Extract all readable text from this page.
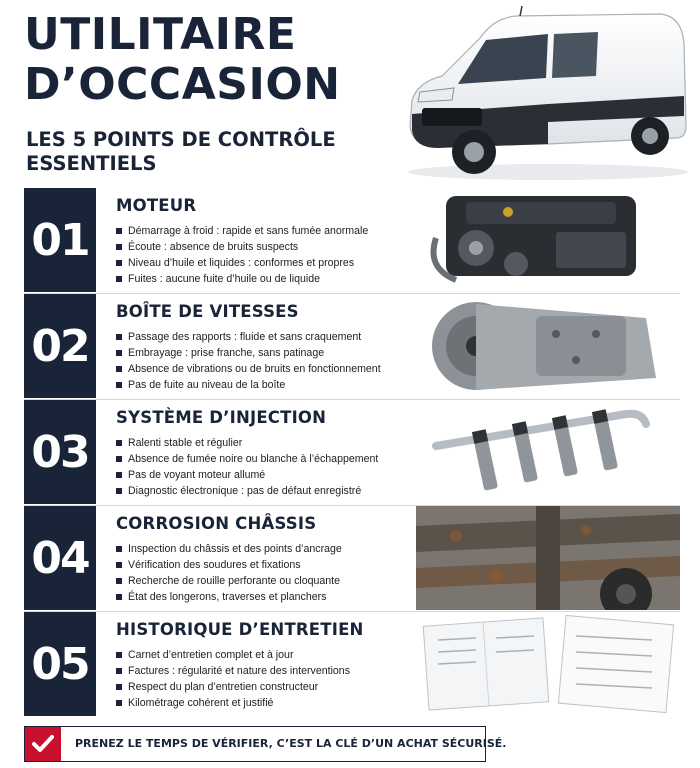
UTILITAIRE
D’OCCASION
LES 5 POINTS DE CONTRÔLE
ESSENTIELS
01
MOTEUR
Démarrage à froid : rapide et sans fumée anormale
Écoute : absence de bruits suspects
Niveau d’huile et liquides : conformes et propres
Fuites : aucune fuite d’huile ou de liquide
02
BOÎTE DE VITESSES
Passage des rapports : fluide et sans craquement
Embrayage : prise franche, sans patinage
Absence de vibrations ou de bruits en fonctionnement
Pas de fuite au niveau de la boîte
03
SYSTÈME D’INJECTION
Ralenti stable et régulier
Absence de fumée noire ou blanche à l’échappement
Pas de voyant moteur allumé
Diagnostic électronique : pas de défaut enregistré
04
CORROSION CHÂSSIS
Inspection du châssis et des points d’ancrage
Vérification des soudures et fixations
Recherche de rouille perforante ou cloquante
État des longerons, traverses et planchers
05
HISTORIQUE D’ENTRETIEN
Carnet d’entretien complet et à jour
Factures : régularité et nature des interventions
Respect du plan d’entretien constructeur
Kilométrage cohérent et justifié
PRENEZ LE TEMPS DE VÉRIFIER, C’EST LA CLÉ D’UN ACHAT SÉCURISÉ.
